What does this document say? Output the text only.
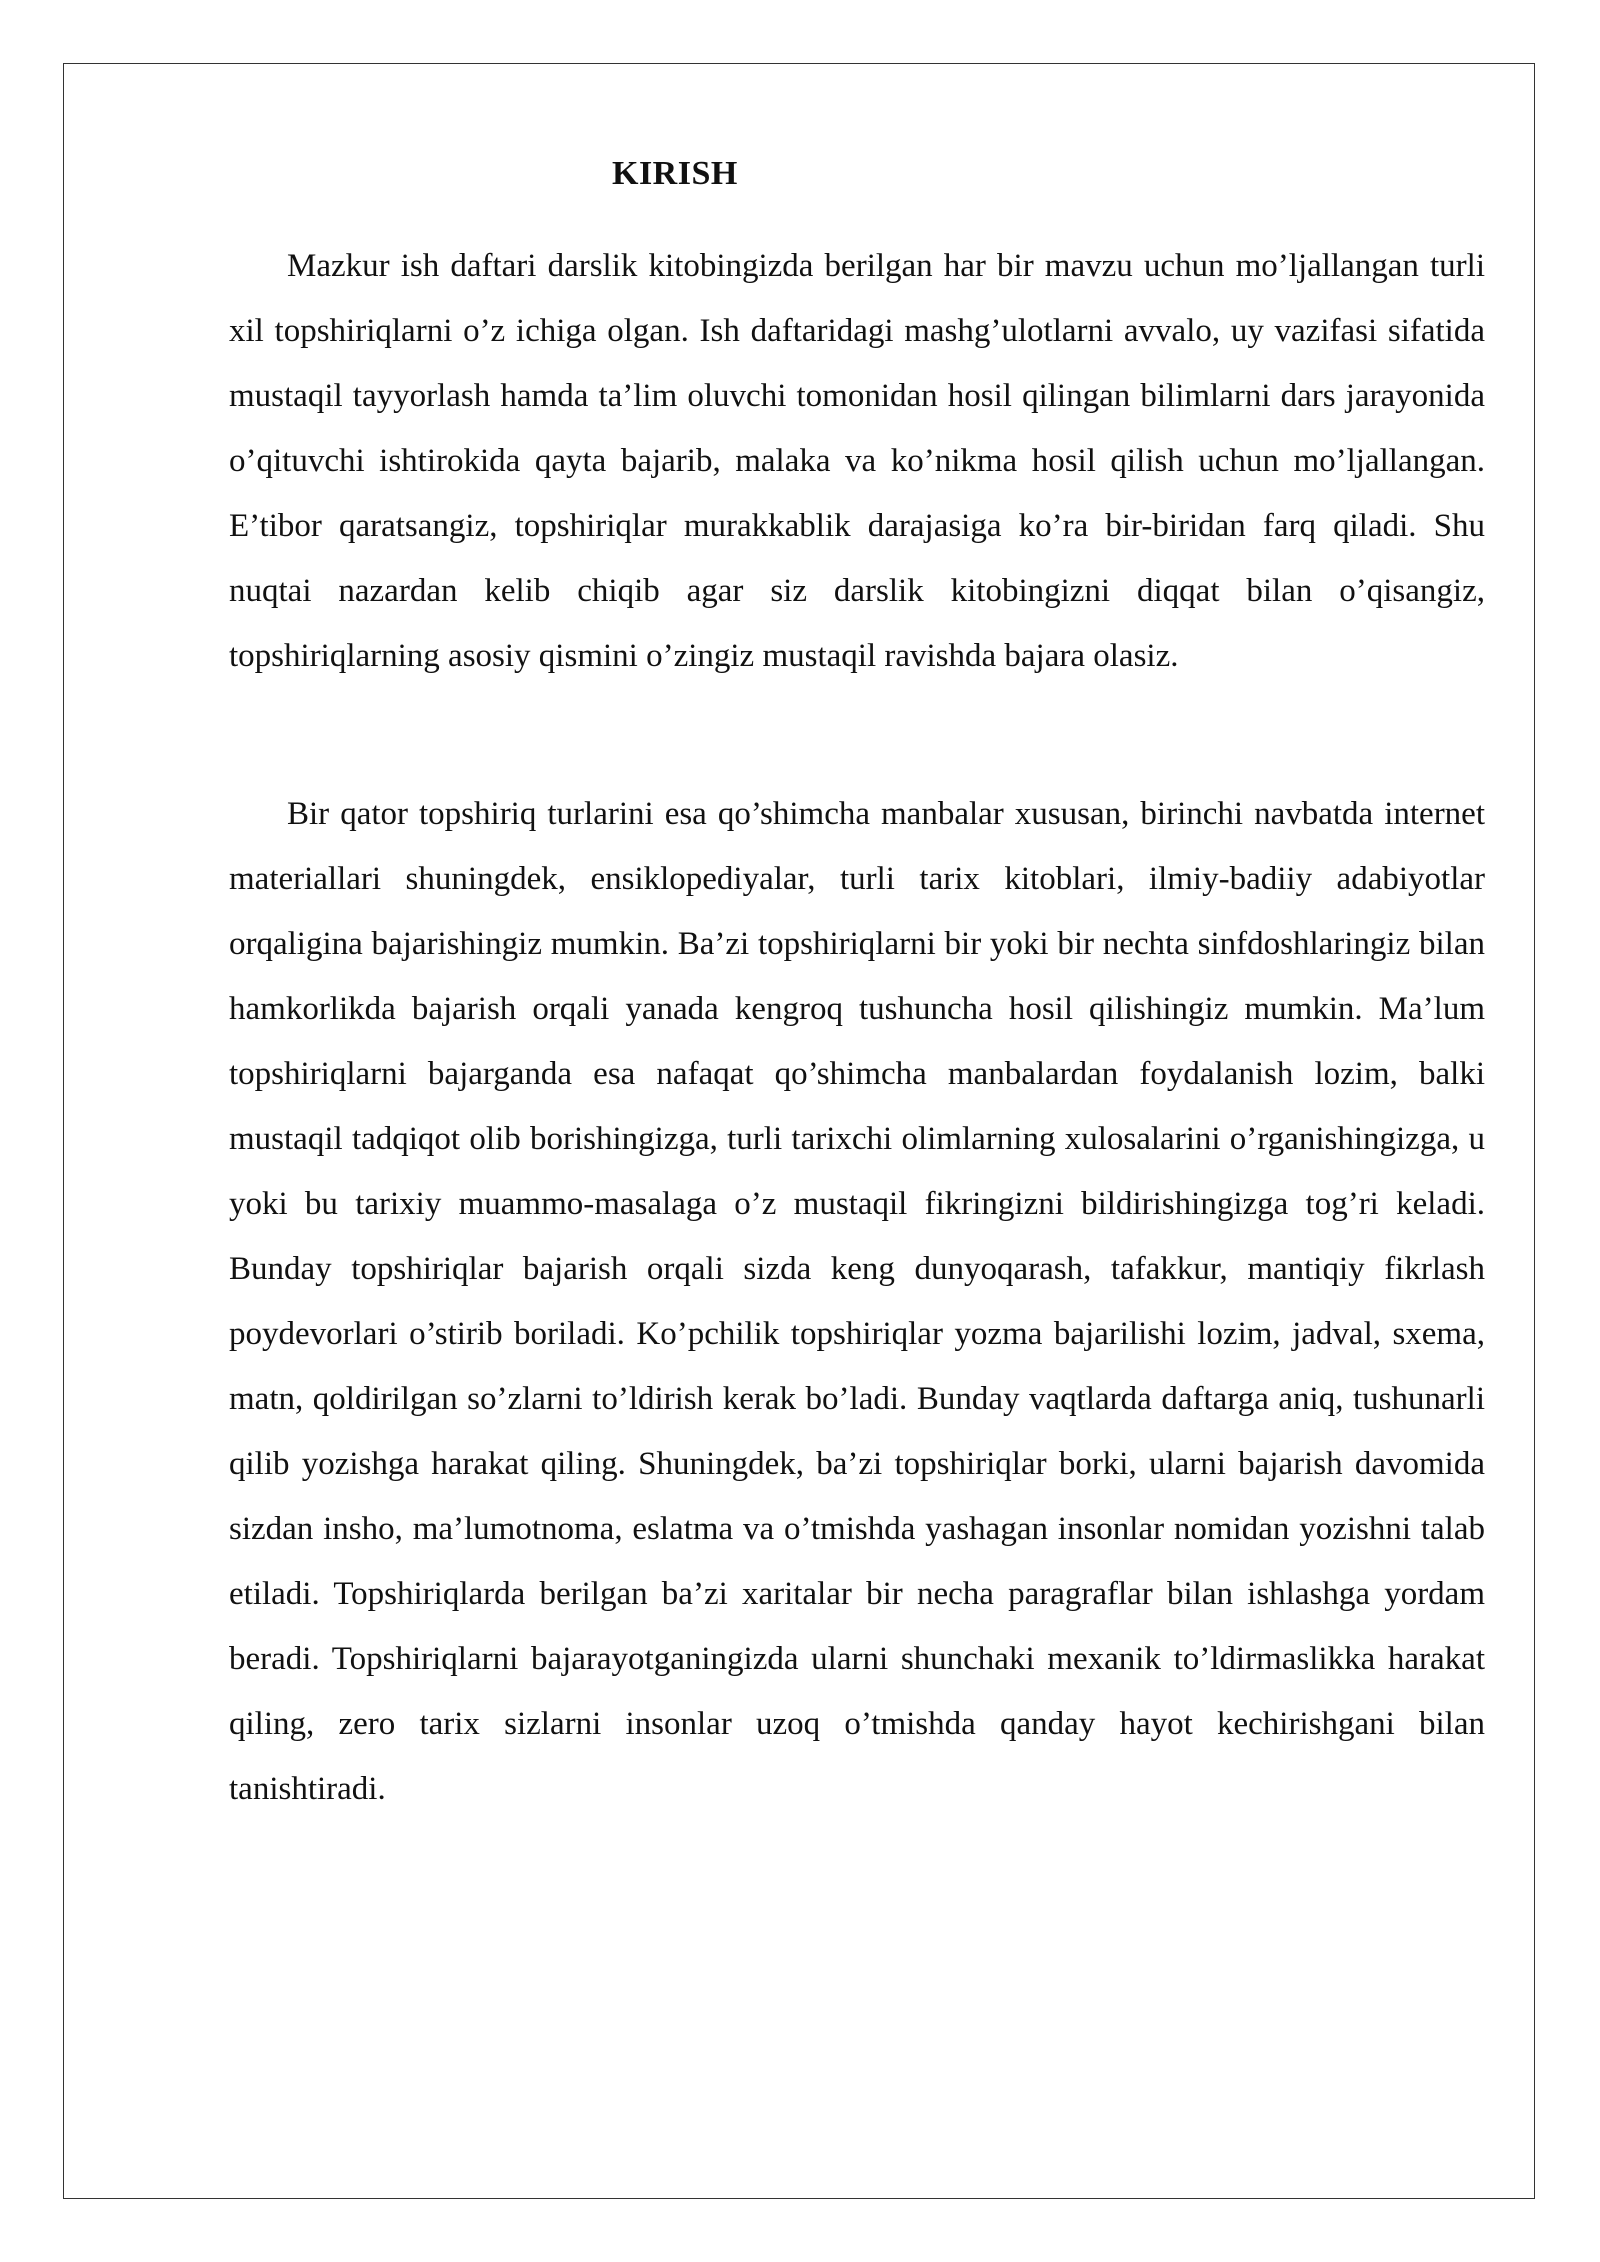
KIRISH

Mazkur ish daftari darslik kitobingizda berilgan har bir mavzu uchun mo’ljallangan turli xil topshiriqlarni o’z ichiga olgan. Ish daftaridagi mashg’ulotlarni avvalo, uy vazifasi sifatida mustaqil tayyorlash hamda ta’lim oluvchi tomonidan hosil qilingan bilimlarni dars jarayonida o’qituvchi ishtirokida qayta bajarib, malaka va ko’nikma hosil qilish uchun mo’ljallangan. E’tibor qaratsangiz, topshiriqlar murakkablik darajasiga ko’ra bir-biridan farq qiladi. Shu nuqtai nazardan kelib chiqib agar siz darslik kitobingizni diqqat bilan o’qisangiz, topshiriqlarning asosiy qismini o’zingiz mustaqil ravishda bajara olasiz.

Bir qator topshiriq turlarini esa qo’shimcha manbalar xususan, birinchi navbatda internet materiallari shuningdek, ensiklopediyalar, turli tarix kitoblari, ilmiy-badiiy adabiyotlar orqaligina bajarishingiz mumkin. Ba’zi topshiriqlarni bir yoki bir nechta sinfdoshlaringiz bilan hamkorlikda bajarish orqali yanada kengroq tushuncha hosil qilishingiz mumkin. Ma’lum topshiriqlarni bajarganda esa nafaqat qo’shimcha manbalardan foydalanish lozim, balki mustaqil tadqiqot olib borishingizga, turli tarixchi olimlarning xulosalarini o’rganishingizga, u yoki bu tarixiy muammo-masalaga o’z mustaqil fikringizni bildirishingizga tog’ri keladi. Bunday topshiriqlar bajarish orqali sizda keng dunyoqarash, tafakkur, mantiqiy fikrlash poydevorlari o’stirib boriladi. Ko’pchilik topshiriqlar yozma bajarilishi lozim, jadval, sxema, matn, qoldirilgan so’zlarni to’ldirish kerak bo’ladi. Bunday vaqtlarda daftarga aniq, tushunarli qilib yozishga harakat qiling. Shuningdek, ba’zi topshiriqlar borki, ularni bajarish davomida sizdan insho, ma’lumotnoma, eslatma va o’tmishda yashagan insonlar nomidan yozishni talab etiladi. Topshiriqlarda berilgan ba’zi xaritalar bir necha paragraflar bilan ishlashga yordam beradi. Topshiriqlarni bajarayotganingizda ularni shunchaki mexanik to’ldirmaslikka harakat qiling, zero tarix sizlarni insonlar uzoq o’tmishda qanday hayot kechirishgani bilan tanishtiradi.
